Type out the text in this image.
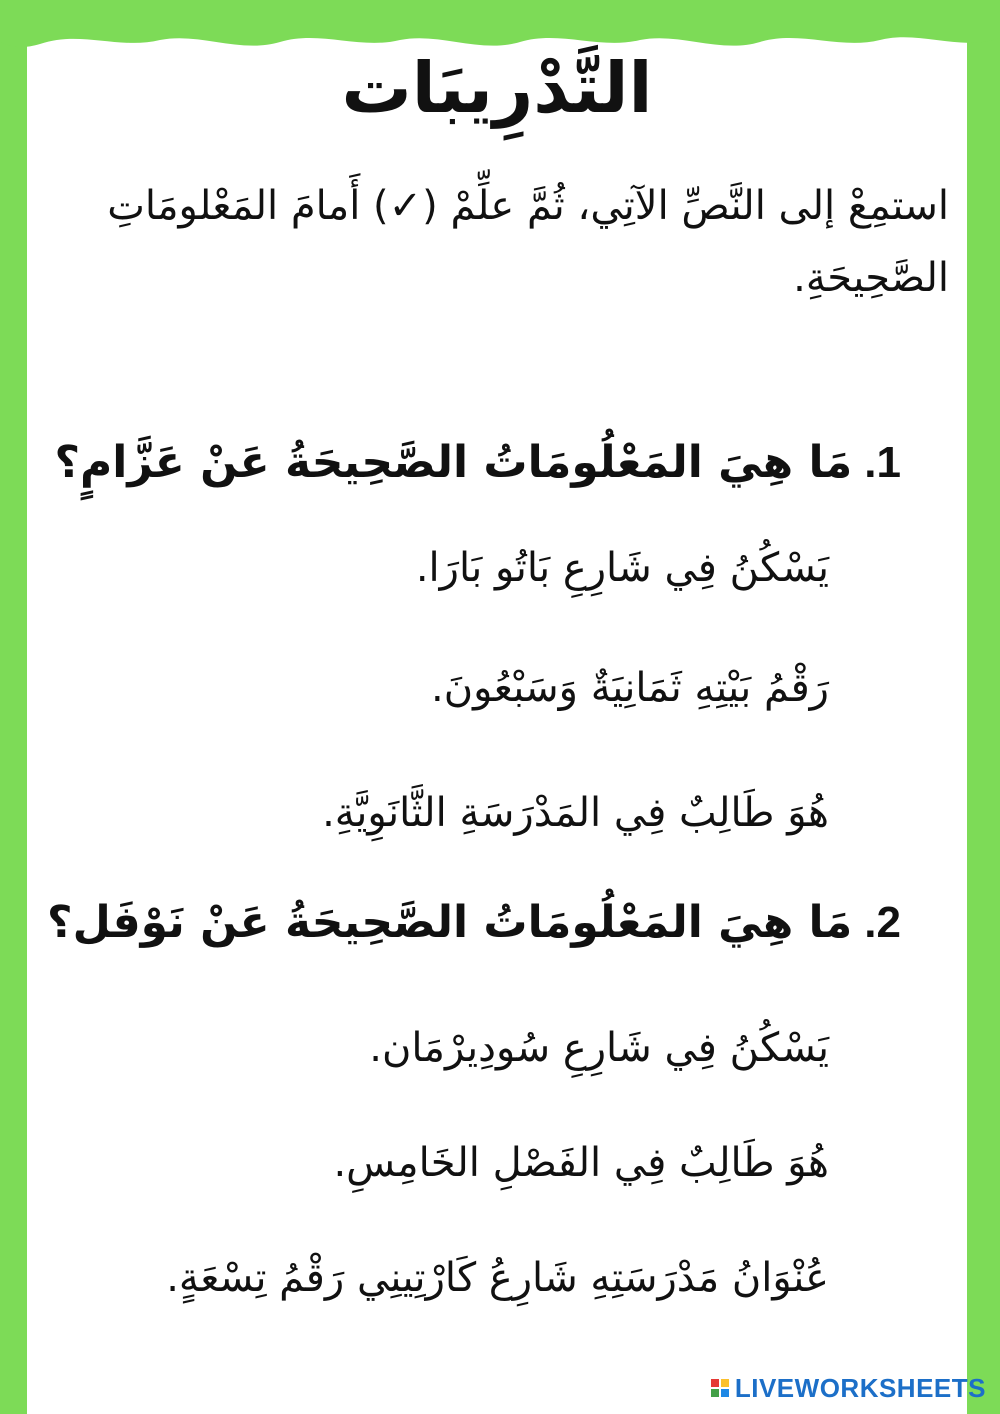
التَّدْرِيبَات
استمِعْ إلى النَّصِّ الآتِي، ثُمَّ علِّمْ (✓) أَمامَ المَعْلومَاتِ الصَّحِيحَةِ.
1.مَا هِيَ المَعْلُومَاتُ الصَّحِيحَةُ عَنْ عَزَّامٍ؟
يَسْكُنُ فِي شَارِعِ بَاتُو بَارَا.
رَقْمُ بَيْتِهِ ثَمَانِيَةٌ وَسَبْعُونَ.
هُوَ طَالِبٌ فِي المَدْرَسَةِ الثَّانَوِيَّةِ.
2.مَا هِيَ المَعْلُومَاتُ الصَّحِيحَةُ عَنْ نَوْفَل؟
يَسْكُنُ فِي شَارِعِ سُودِيرْمَان.
هُوَ طَالِبٌ فِي الفَصْلِ الخَامِسِ.
عُنْوَانُ مَدْرَسَتِهِ شَارِعُ كَارْتِينِي رَقْمُ تِسْعَةٍ.
LIVEWORKSHEETS
